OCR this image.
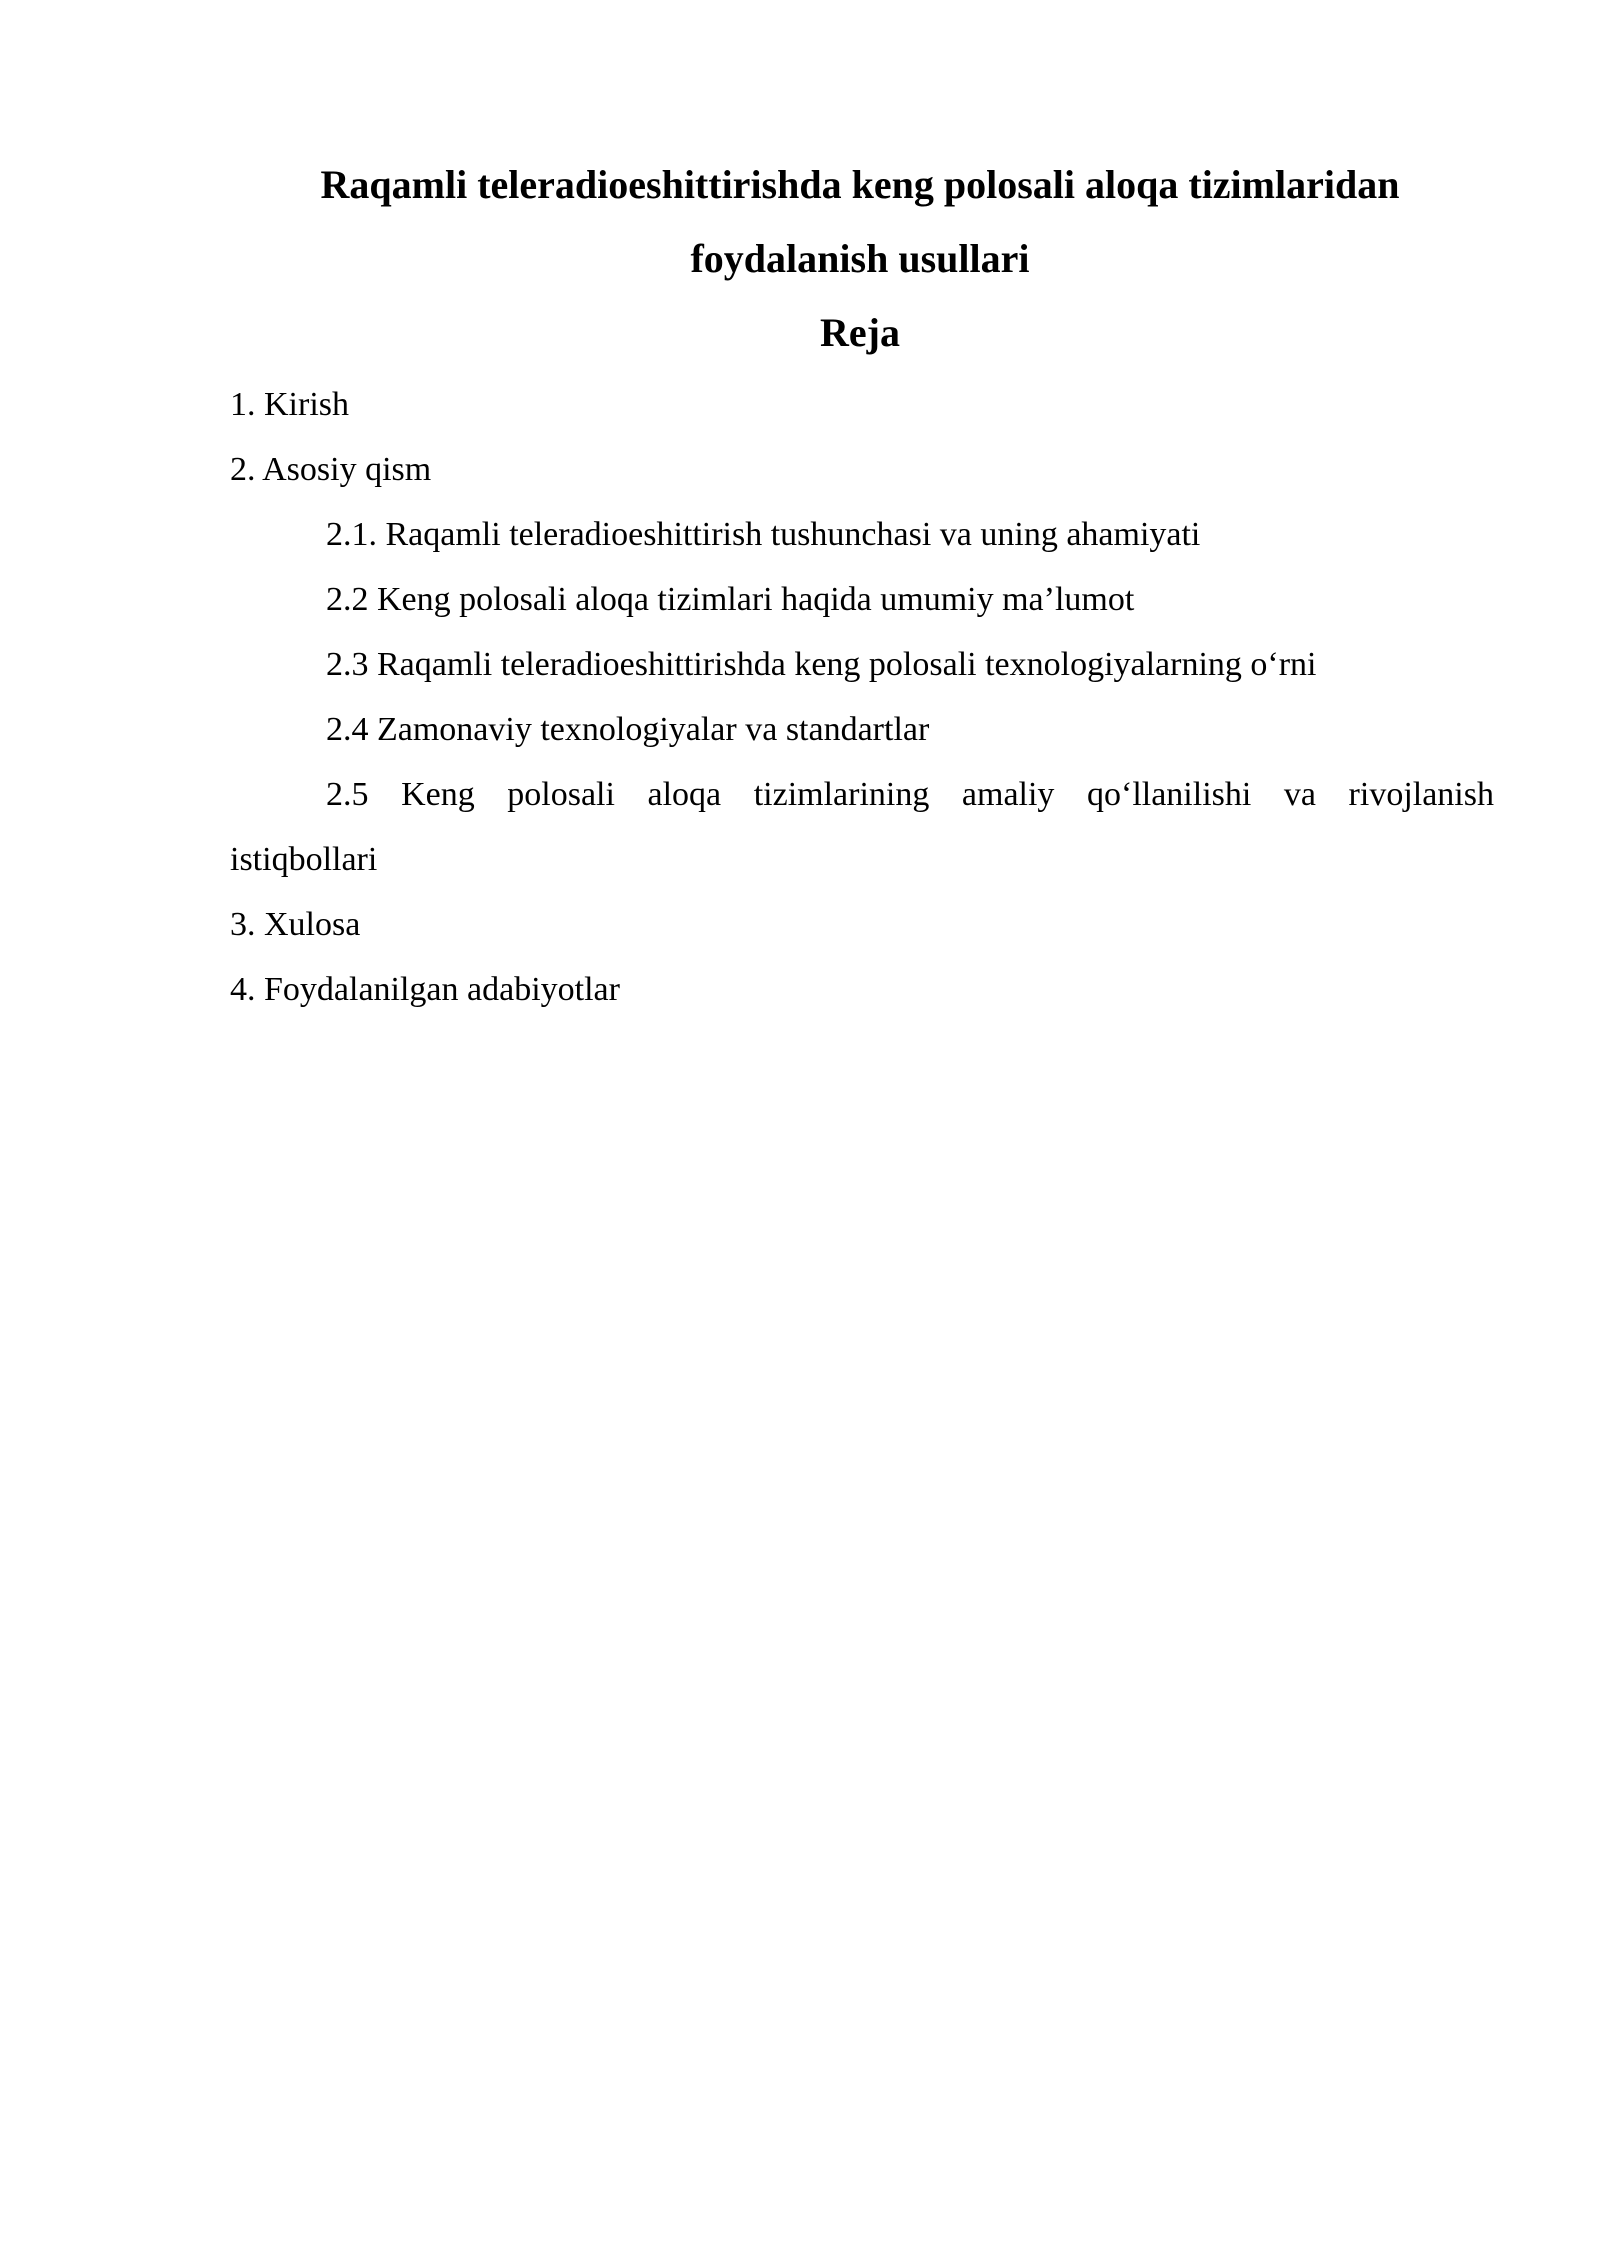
Raqamli teleradioeshittirishda keng polosali aloqa tizimlaridan
foydalanish usullari
Reja
1. Kirish
2. Asosiy qism
2.1. Raqamli teleradioeshittirish tushunchasi va uning ahamiyati
2.2 Keng polosali aloqa tizimlari haqida umumiy ma’lumot
2.3 Raqamli teleradioeshittirishda keng polosali texnologiyalarning o‘rni
2.4 Zamonaviy texnologiyalar va standartlar
2.5 Keng polosali aloqa tizimlarining amaliy qo‘llanilishi va rivojlanish
istiqbollari
3. Xulosa
4. Foydalanilgan adabiyotlar
